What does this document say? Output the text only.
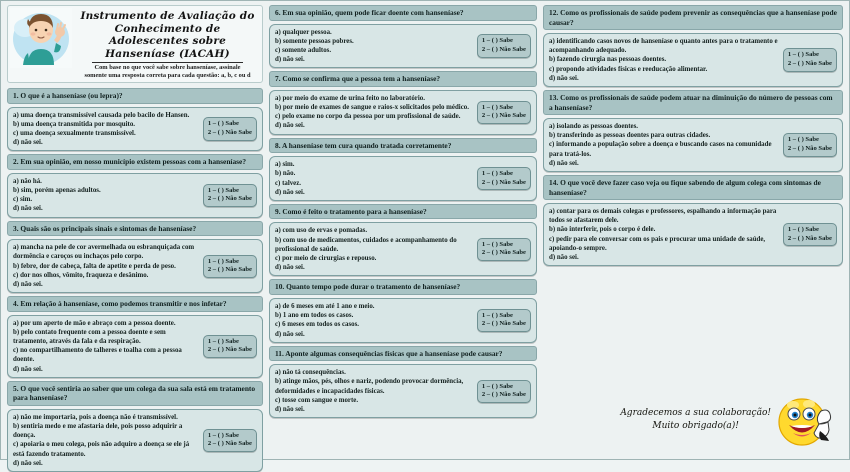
Instrumento de Avaliação do
Conhecimento de Adolescentes sobre
Hanseníase (IACAH)
Com base no que você sabe sobre hanseníase, assinale somente uma resposta correta para cada questão: a, b, c ou d
1. O que é a hanseníase (ou lepra)?
a) uma doença transmissível causada pelo bacilo de Hansen.
b) uma doença transmitida por mosquito.
c) uma doença sexualmente transmissível.
d) não sei.
1 – ( ) Sabe
2 – ( ) Não Sabe
2. Em sua opinião, em nosso município existem pessoas com a hanseníase?
a) não há.
b) sim, porém apenas adultos.
c) sim.
d) não sei.
1 – ( ) Sabe
2 – ( ) Não Sabe
3. Quais são os principais sinais e sintomas de hanseníase?
a) mancha na pele de cor avermelhada ou esbranquiçada com dormência e caroços ou inchaços pelo corpo.
b) febre, dor de cabeça, falta de apetite e perda de peso.
c) dor nos olhos, vômito, fraqueza e desânimo.
d) não sei.
1 – ( ) Sabe
2 – ( ) Não Sabe
4. Em relação à hanseníase, como podemos transmitir e nos infetar?
a) por um aperto de mão e abraço com a pessoa doente.
b) pelo contato frequente com a pessoa doente e sem tratamento, através da fala e da respiração.
c) no compartilhamento de talheres e toalha com a pessoa doente.
d) não sei.
1 – ( ) Sabe
2 – ( ) Não Sabe
5. O que você sentiria ao saber que um colega da sua sala está em tratamento para hanseníase?
a) não me importaria, pois a doença não é transmissível.
b) sentiria medo e me afastaria dele, pois posso adquirir a doença.
c) apoiaria o meu colega, pois não adquiro a doença se ele já está fazendo tratamento.
d) não sei.
1 – ( ) Sabe
2 – ( ) Não Sabe
6. Em sua opinião, quem pode ficar doente com hanseníase?
a) qualquer pessoa.
b) somente pessoas pobres.
c) somente adultos.
d) não sei.
1 – ( ) Sabe
2 – ( ) Não Sabe
7. Como se confirma que a pessoa tem a hanseníase?
a) por meio do exame de urina feito no laboratório.
b) por meio de exames de sangue e raios-x solicitados pelo médico.
c) pelo exame no corpo da pessoa por um profissional de saúde.
d) não sei.
1 – ( ) Sabe
2 – ( ) Não Sabe
8. A hanseníase tem cura quando tratada corretamente?
a) sim.
b) não.
c) talvez.
d) não sei.
1 – ( ) Sabe
2 – ( ) Não Sabe
9. Como é feito o tratamento para a hanseníase?
a) com uso de ervas e pomadas.
b) com uso de medicamentos, cuidados e acompanhamento do profissional de saúde.
c) por meio de cirurgias e repouso.
d) não sei.
1 – ( ) Sabe
2 – ( ) Não Sabe
10. Quanto tempo pode durar o tratamento de hanseníase?
a) de 6 meses em até 1 ano e meio.
b) 1 ano em todos os casos.
c) 6 meses em todos os casos.
d) não sei.
1 – ( ) Sabe
2 – ( ) Não Sabe
11. Aponte algumas consequências físicas que a hanseníase pode causar?
a) não tá consequências.
b) atinge mãos, pés, olhos e nariz, podendo provocar dormência, deformidades e incapacidades físicas.
c) tosse com sangue e morte.
d) não sei.
1 – ( ) Sabe
2 – ( ) Não Sabe
12. Como os profissionais de saúde podem prevenir as consequências que a hanseníase pode causar?
a) identificando casos novos de hanseníase o quanto antes para o tratamento e acompanhando adequado.
b) fazendo cirurgia nas pessoas doentes.
c) propondo atividades físicas e reeducação alimentar.
d) não sei.
1 – ( ) Sabe
2 – ( ) Não Sabe
13. Como os profissionais de saúde podem atuar na diminuição do número de pessoas com a hanseníase?
a) isolando as pessoas doentes.
b) transferindo as pessoas doentes para outras cidades.
c) informando a população sobre a doença e buscando casos na comunidade para tratá-los.
d) não sei.
1 – ( ) Sabe
2 – ( ) Não Sabe
14. O que você deve fazer caso veja ou fique sabendo de algum colega com sintomas de hanseníase?
a) contar para os demais colegas e professores, espalhando a informação para todos se afastarem dele.
b) não interferir, pois o corpo é dele.
c) pedir para ele conversar com os pais e procurar uma unidade de saúde, apoiando-o sempre.
d) não sei.
1 – ( ) Sabe
2 – ( ) Não Sabe
Agradecemos a sua colaboração!
Muito obrigado(a)!
